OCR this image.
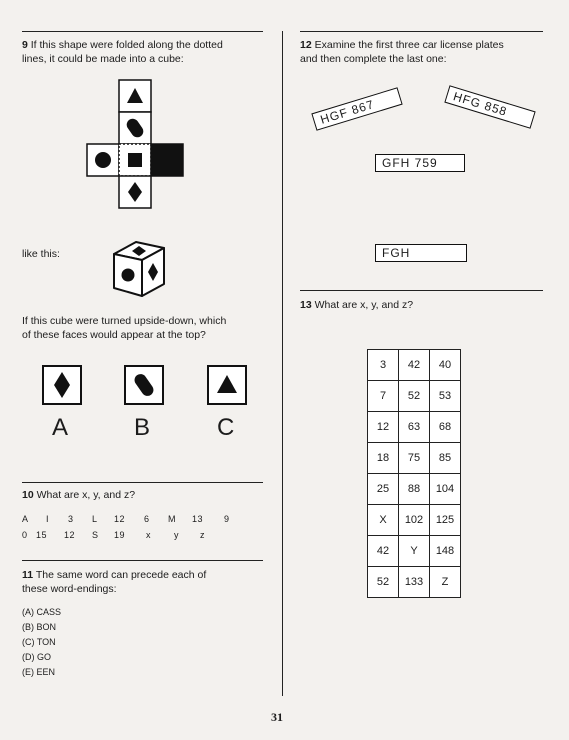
9 If this shape were folded along the dotted
lines, it could be made into a cube:
like this:
If this cube were turned upside-down, which
of these faces would appear at the top?
A	B	C
10 What are x, y, and z?
A I 3 L 12 6 M 13 9
0 15 12 S 19 x	y z
11 The same word can precede each of
these word-endings:
(A) CASS
(B) BON
(C) TON
(D) GO
(E) EEN
12 Examine the first three car license plates
and then complete the last one:
HGF 867	HFG 858
GFH 759
FGH
13 What are x, y, and z?
3	42	40
7	52	53
12	63	68
18	75	85
25	88	104
X	102	125
42	Y	148
52	133	Z
31
